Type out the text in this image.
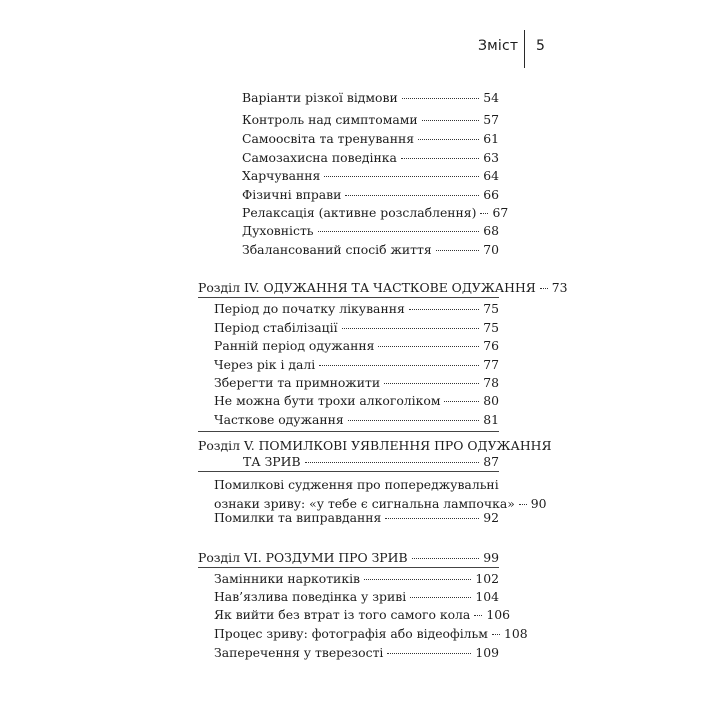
Зміст 5
Варіанти різкої відмови	54
Контроль над симптомами	57
Самоосвіта та тренування	61
Самозахисна поведінка	63
Харчування	64
Фізичні вправи	66
Релаксація (активне розслаблення) 67
Духовність	68
Збалансований спосіб життя	70
Розділ IV. ОДУЖАННЯ ТА ЧАСТКОВЕ ОДУЖАННЯ 73
Період до початку лікування	75
Період стабілізації	75
Ранній період одужання	76
Через рік і далі	77
Зберегти та примножити	78
Не можна бути трохи алкоголіком	80
Часткове одужання	81
Розділ V. ПОМИЛКОВІ УЯВЛЕННЯ ПРО ОДУЖАННЯ
ТА ЗРИВ	87
Помилкові судження про попереджувальні
ознаки зриву: «у тебе є сигнальна лампочка» 90
Помилки та виправдання	92
Розділ VI. РОЗДУМИ ПРО ЗРИВ	99
Замінники наркотиків	102
Нав’язлива поведінка у зриві	104
Як вийти без втрат із того самого кола 106
Процес зриву: фотографія або відеофільм 108
Заперечення у тверезості	109
